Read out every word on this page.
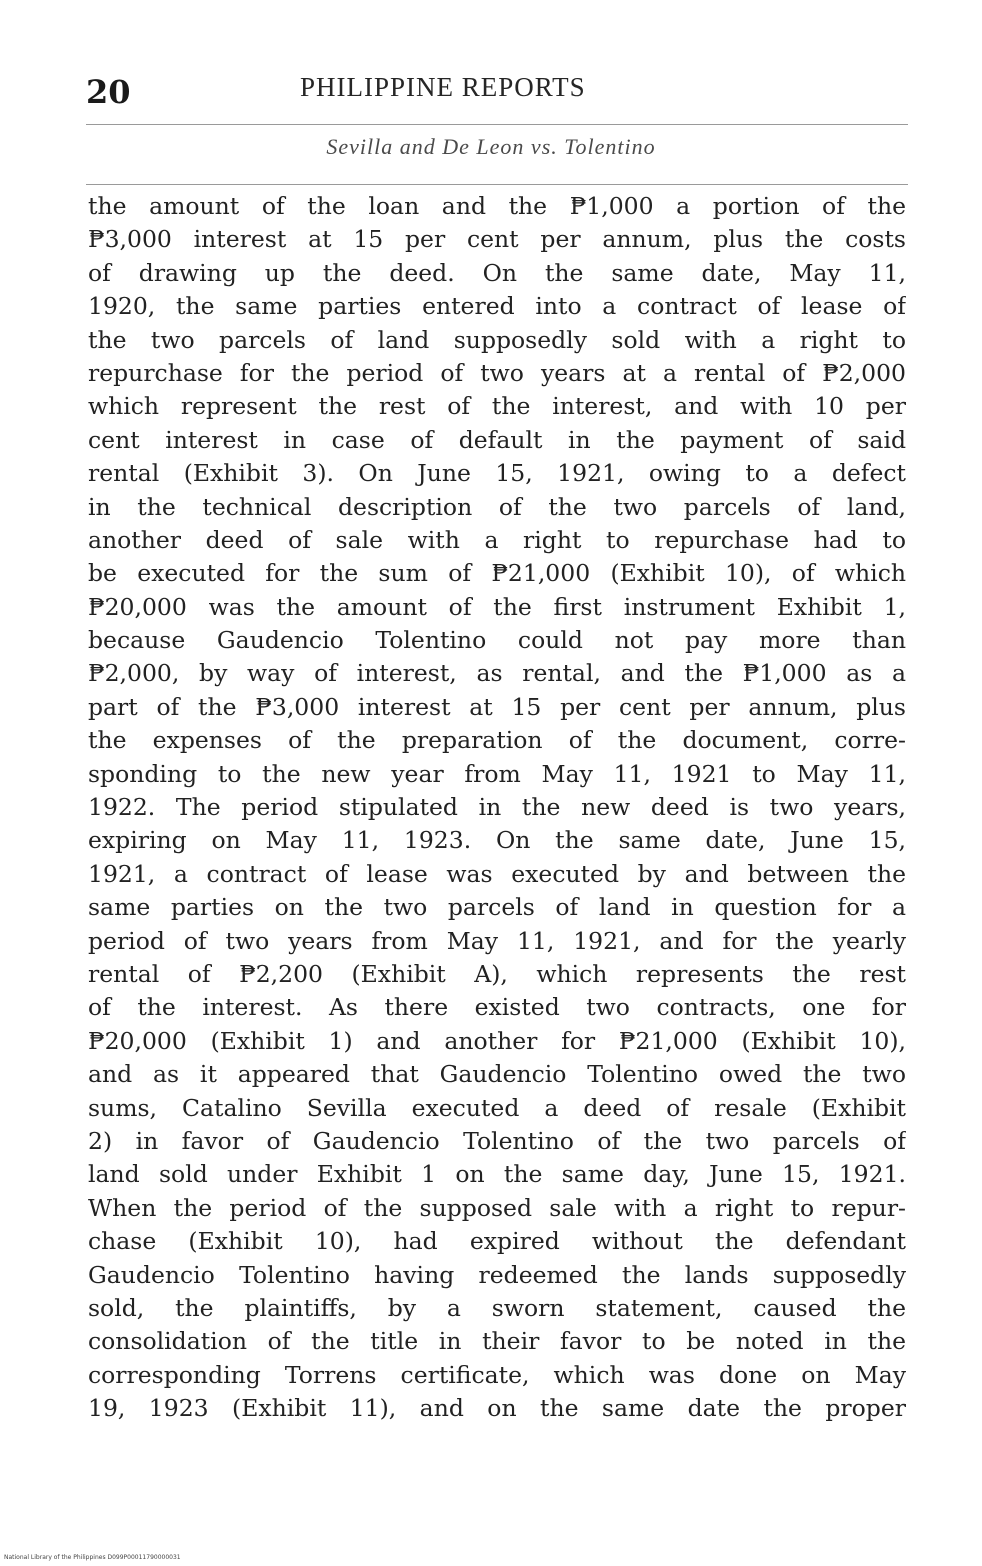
20	PHILIPPINE REPORTS
Sevilla and De Leon vs. Tolentino
the amount of the loan and the ₱1,000 a portion of the
₱3,000 interest at 15 per cent per annum, plus the costs
of drawing up the deed. On the same date, May 11,
1920, the same parties entered into a contract of lease of
the two parcels of land supposedly sold with a right to
repurchase for the period of two years at a rental of ₱2,000
which represent the rest of the interest, and with 10 per
cent interest in case of default in the payment of said
rental (Exhibit 3). On June 15, 1921, owing to a defect
in the technical description of the two parcels of land,
another deed of sale with a right to repurchase had to
be executed for the sum of ₱21,000 (Exhibit 10), of which
₱20,000 was the amount of the first instrument Exhibit 1,
because Gaudencio Tolentino could not pay more than
₱2,000, by way of interest, as rental, and the ₱1,000 as a
part of the ₱3,000 interest at 15 per cent per annum, plus
the expenses of the preparation of the document, corre-
sponding to the new year from May 11, 1921 to May 11,
1922. The period stipulated in the new deed is two years,
expiring on May 11, 1923. On the same date, June 15,
1921, a contract of lease was executed by and between the
same parties on the two parcels of land in question for a
period of two years from May 11, 1921, and for the yearly
rental of ₱2,200 (Exhibit A), which represents the rest
of the interest. As there existed two contracts, one for
₱20,000 (Exhibit 1) and another for ₱21,000 (Exhibit 10),
and as it appeared that Gaudencio Tolentino owed the two
sums, Catalino Sevilla executed a deed of resale (Exhibit
2) in favor of Gaudencio Tolentino of the two parcels of
land sold under Exhibit 1 on the same day, June 15, 1921.
When the period of the supposed sale with a right to repur-
chase (Exhibit 10), had expired without the defendant
Gaudencio Tolentino having redeemed the lands supposedly
sold, the plaintiffs, by a sworn statement, caused the
consolidation of the title in their favor to be noted in the
corresponding Torrens certificate, which was done on May
19, 1923 (Exhibit 11), and on the same date the proper
National Library of the Philippines D099P00011790000031
